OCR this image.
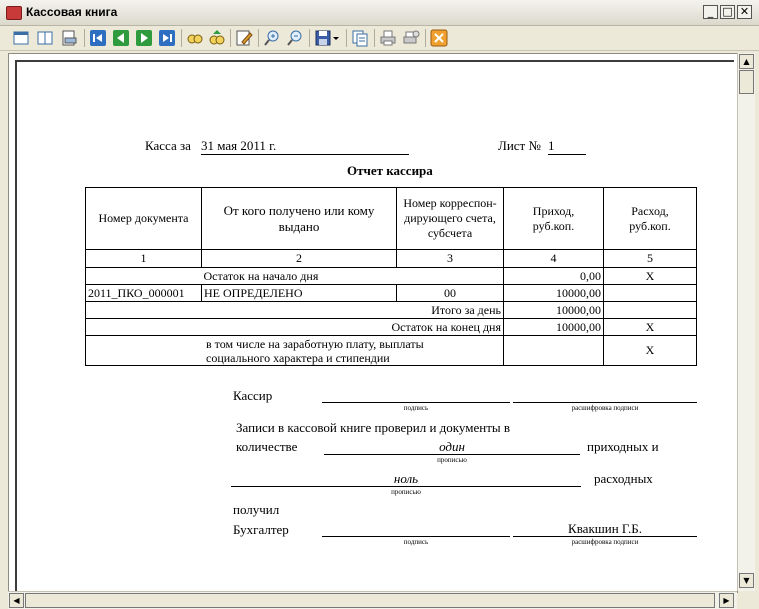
Кассовая книга	_ □ ✕
Касса за 31 мая 2011 г.	Лист № 1
Отчет кассира
Номер документа	От кого получено или кому выдано	Номер корреспон-дирующего счета, субсчета	Приход, руб.коп.	Расход, руб.коп.
1	2	3	4	5
	Остаток на начало дня		0,00	Х
2011_ПКО_000001	НЕ ОПРЕДЕЛЕНО	00	10000,00	
Итого за день			10000,00	
Остаток на конец дня			10000,00	Х
в том числе на заработную плату, выплаты социального характера и стипендии				Х
Кассир
подпись	расшифровка подписи
Записи в кассовой книге проверил и документы в
количестве	один
прописью
приходных и
ноль
прописью
расходных
получил
Бухгалтер	Квакшин Г.Б.
подпись	расшифровка подписи
▲
▼
◀	▶
